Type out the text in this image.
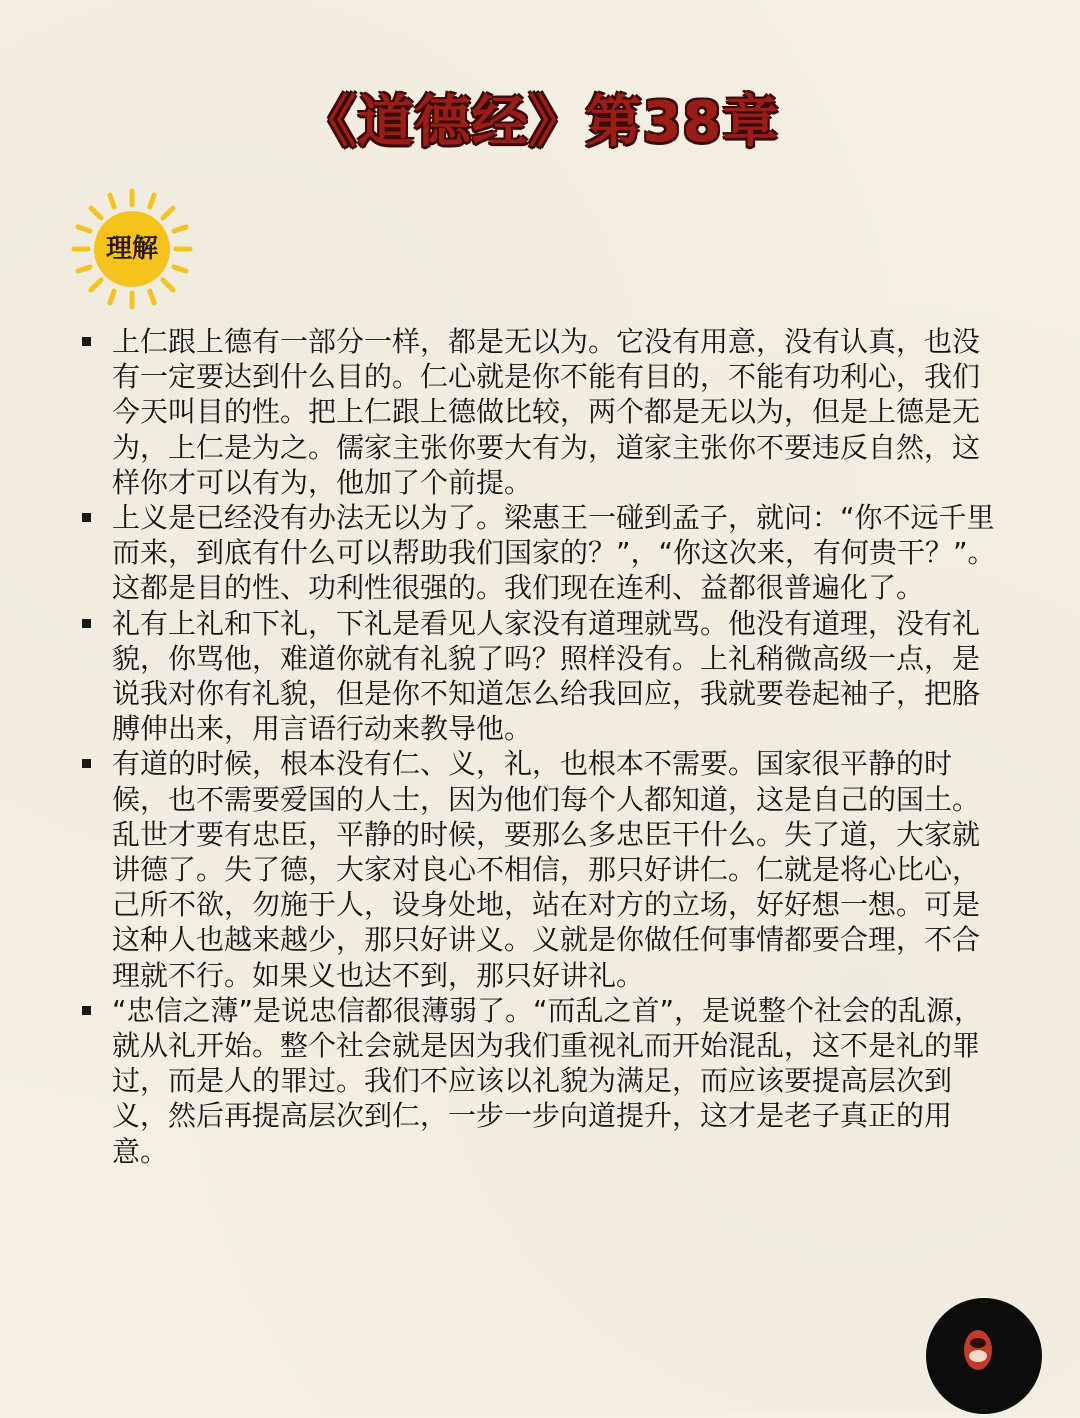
《道德经》第38章
理解
上仁跟上德有一部分一样，都是无以为。它没有用意，没有认真，也没有一定要达到什么目的。仁心就是你不能有目的，不能有功利心，我们今天叫目的性。把上仁跟上德做比较，两个都是无以为，但是上德是无为，上仁是为之。儒家主张你要大有为，道家主张你不要违反自然，这样你才可以有为，他加了个前提。
上义是已经没有办法无以为了。梁惠王一碰到孟子，就问：“你不远千里而来，到底有什么可以帮助我们国家的？”，“你这次来，有何贵干？”。这都是目的性、功利性很强的。我们现在连利、益都很普遍化了。
礼有上礼和下礼，下礼是看见人家没有道理就骂。他没有道理，没有礼貌，你骂他，难道你就有礼貌了吗？照样没有。上礼稍微高级一点，是说我对你有礼貌，但是你不知道怎么给我回应，我就要卷起袖子，把胳膊伸出来，用言语行动来教导他。
有道的时候，根本没有仁、义，礼，也根本不需要。国家很平静的时候，也不需要爱国的人士，因为他们每个人都知道，这是自己的国土。乱世才要有忠臣，平静的时候，要那么多忠臣干什么。失了道，大家就讲德了。失了德，大家对良心不相信，那只好讲仁。仁就是将心比心，己所不欲，勿施于人，设身处地，站在对方的立场，好好想一想。可是这种人也越来越少，那只好讲义。义就是你做任何事情都要合理，不合理就不行。如果义也达不到，那只好讲礼。
“忠信之薄”是说忠信都很薄弱了。“而乱之首”，是说整个社会的乱源，就从礼开始。整个社会就是因为我们重视礼而开始混乱，这不是礼的罪过，而是人的罪过。我们不应该以礼貌为满足，而应该要提高层次到义，然后再提高层次到仁，一步一步向道提升，这才是老子真正的用意。
